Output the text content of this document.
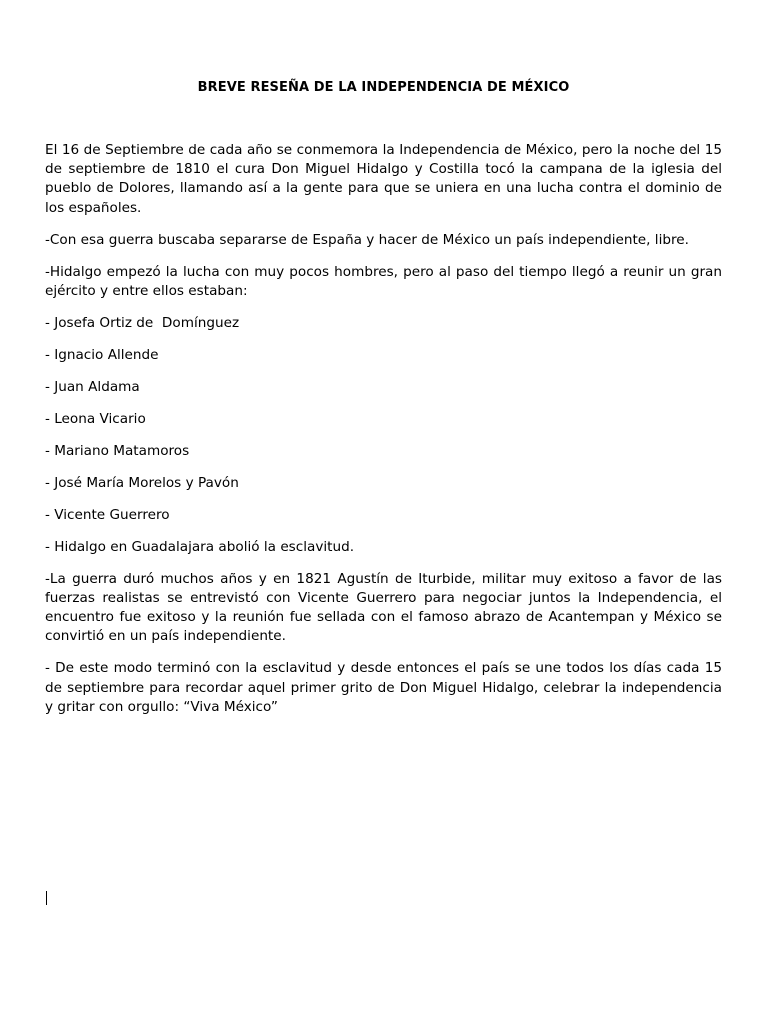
BREVE RESEÑA DE LA INDEPENDENCIA DE MÉXICO

El 16 de Septiembre de cada año se conmemora la Independencia de México, pero la noche del 15 de septiembre de 1810 el cura Don Miguel Hidalgo y Costilla tocó la campana de la iglesia del pueblo de Dolores, llamando así a la gente para que se uniera en una lucha contra el dominio de los españoles.

-Con esa guerra buscaba separarse de España y hacer de México un país independiente, libre.

-Hidalgo empezó la lucha con muy pocos hombres, pero al paso del tiempo llegó a reunir un gran ejército y entre ellos estaban:

- Josefa Ortiz de  Domínguez
- Ignacio Allende
- Juan Aldama
- Leona Vicario
- Mariano Matamoros
- José María Morelos y Pavón
- Vicente Guerrero
- Hidalgo en Guadalajara abolió la esclavitud.

-La guerra duró muchos años y en 1821 Agustín de Iturbide, militar muy exitoso a favor de las fuerzas realistas se entrevistó con Vicente Guerrero para negociar juntos la Independencia, el encuentro fue exitoso y la reunión fue sellada con el famoso abrazo de Acantempan y México se convirtió en un país independiente.

- De este modo terminó con la esclavitud y desde entonces el país se une todos los días cada 15 de septiembre para recordar aquel primer grito de Don Miguel Hidalgo, celebrar la independencia y gritar con orgullo: “Viva México”
